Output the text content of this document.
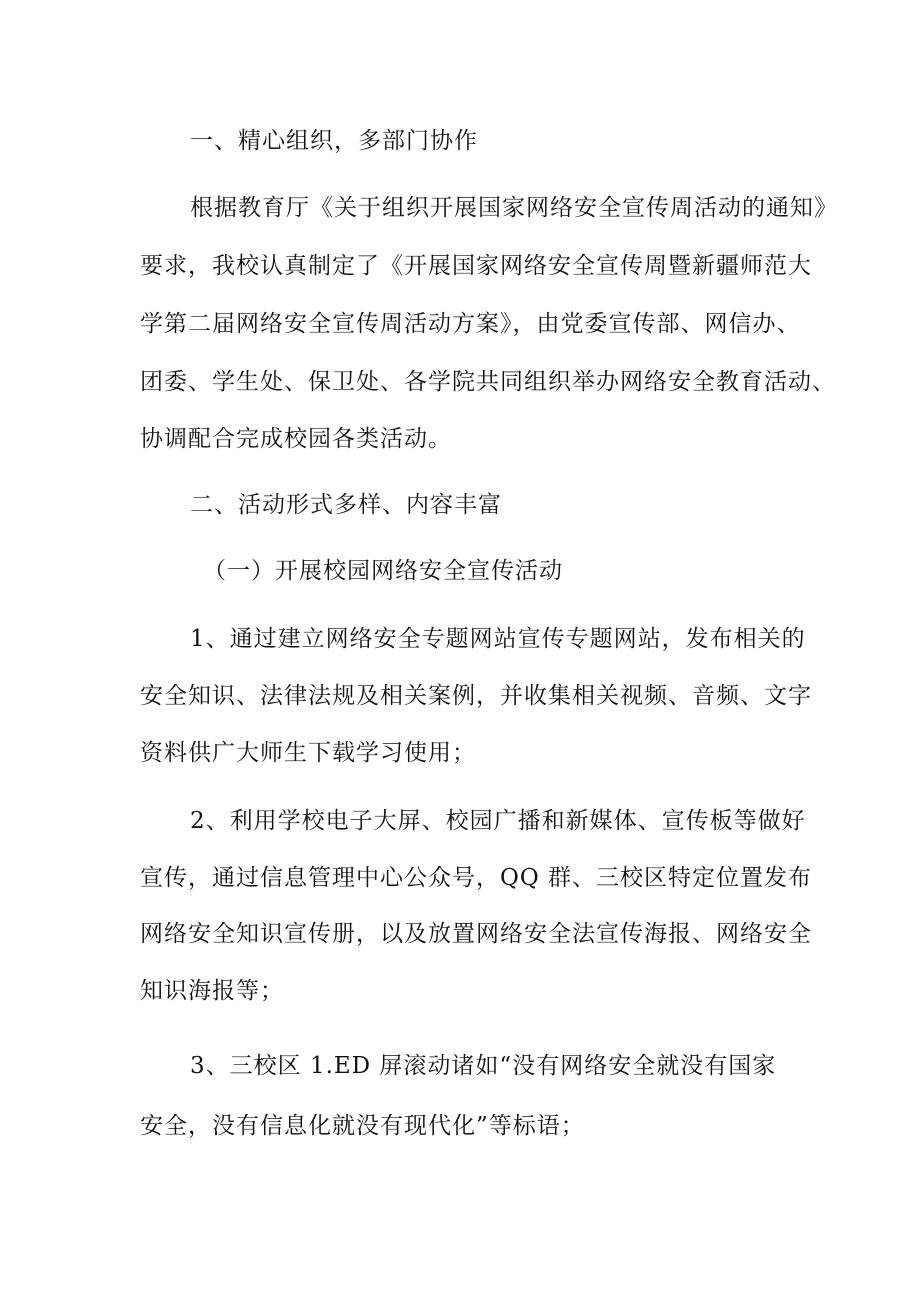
一、精心组织，多部门协作
根据教育厅《关于组织开展国家网络安全宣传周活动的通知》
要求，我校认真制定了《开展国家网络安全宣传周暨新疆师范大
学第二届网络安全宣传周活动方案》，由党委宣传部、网信办、
团委、学生处、保卫处、各学院共同组织举办网络安全教育活动、
协调配合完成校园各类活动。
二、活动形式多样、内容丰富
（一）开展校园网络安全宣传活动
1、通过建立网络安全专题网站宣传专题网站，发布相关的
安全知识、法律法规及相关案例，并收集相关视频、音频、文字
资料供广大师生下载学习使用；
2、利用学校电子大屏、校园广播和新媒体、宣传板等做好
宣传，通过信息管理中心公众号，QQ 群、三校区特定位置发布
网络安全知识宣传册，以及放置网络安全法宣传海报、网络安全
知识海报等；
3、三校区 1.ED 屏滚动诸如“没有网络安全就没有国家
安全，没有信息化就没有现代化”等标语；
